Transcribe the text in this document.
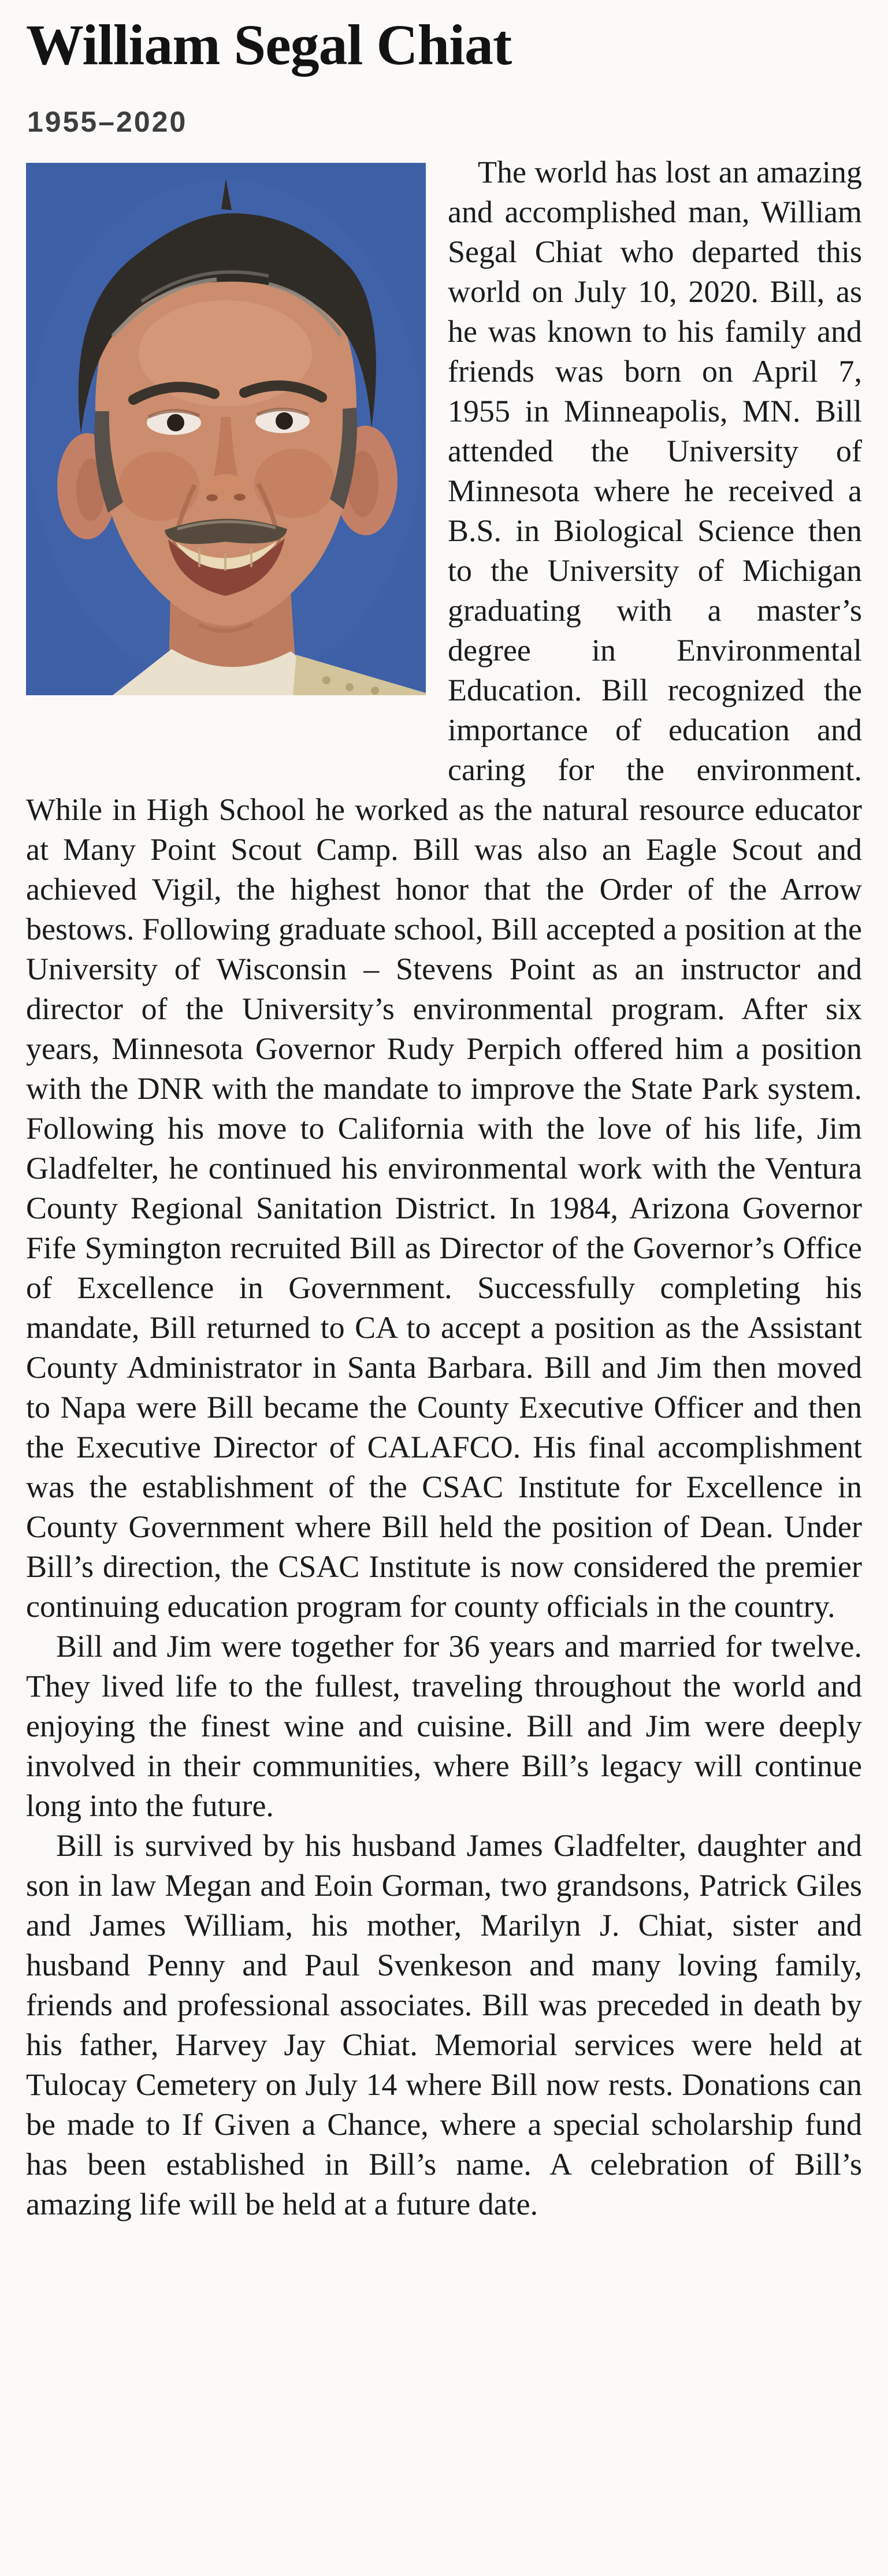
William Segal Chiat
1955–2020

The world has lost an amazing and accomplished man, William Segal Chiat who departed this world on July 10, 2020. Bill, as he was known to his family and friends was born on April 7, 1955 in Minneapolis, MN. Bill attended the University of Minnesota where he received a B.S. in Biological Science then to the University of Michigan graduating with a master’s degree in Environmental Education. Bill recognized the importance of education and caring for the environment. While in High School he worked as the natural resource educator at Many Point Scout Camp. Bill was also an Eagle Scout and achieved Vigil, the highest honor that the Order of the Arrow bestows. Following graduate school, Bill accepted a position at the University of Wisconsin – Stevens Point as an instructor and director of the University’s environmental program. After six years, Minnesota Governor Rudy Perpich offered him a position with the DNR with the mandate to improve the State Park system. Following his move to California with the love of his life, Jim Gladfelter, he continued his environmental work with the Ventura County Regional Sanitation District. In 1984, Arizona Governor Fife Symington recruited Bill as Director of the Governor’s Office of Excellence in Government. Successfully completing his mandate, Bill returned to CA to accept a position as the Assistant County Administrator in Santa Barbara. Bill and Jim then moved to Napa were Bill became the County Executive Officer and then the Executive Director of CALAFCO. His final accomplishment was the establishment of the CSAC Institute for Excellence in County Government where Bill held the position of Dean. Under Bill’s direction, the CSAC Institute is now considered the premier continuing education program for county officials in the country.

Bill and Jim were together for 36 years and married for twelve. They lived life to the fullest, traveling throughout the world and enjoying the finest wine and cuisine. Bill and Jim were deeply involved in their communities, where Bill’s legacy will continue long into the future.

Bill is survived by his husband James Gladfelter, daughter and son in law Megan and Eoin Gorman, two grandsons, Patrick Giles and James William, his mother, Marilyn J. Chiat, sister and husband Penny and Paul Svenkeson and many loving family, friends and professional associates. Bill was preceded in death by his father, Harvey Jay Chiat. Memorial services were held at Tulocay Cemetery on July 14 where Bill now rests. Donations can be made to If Given a Chance, where a special scholarship fund has been established in Bill’s name. A celebration of Bill’s amazing life will be held at a future date.
